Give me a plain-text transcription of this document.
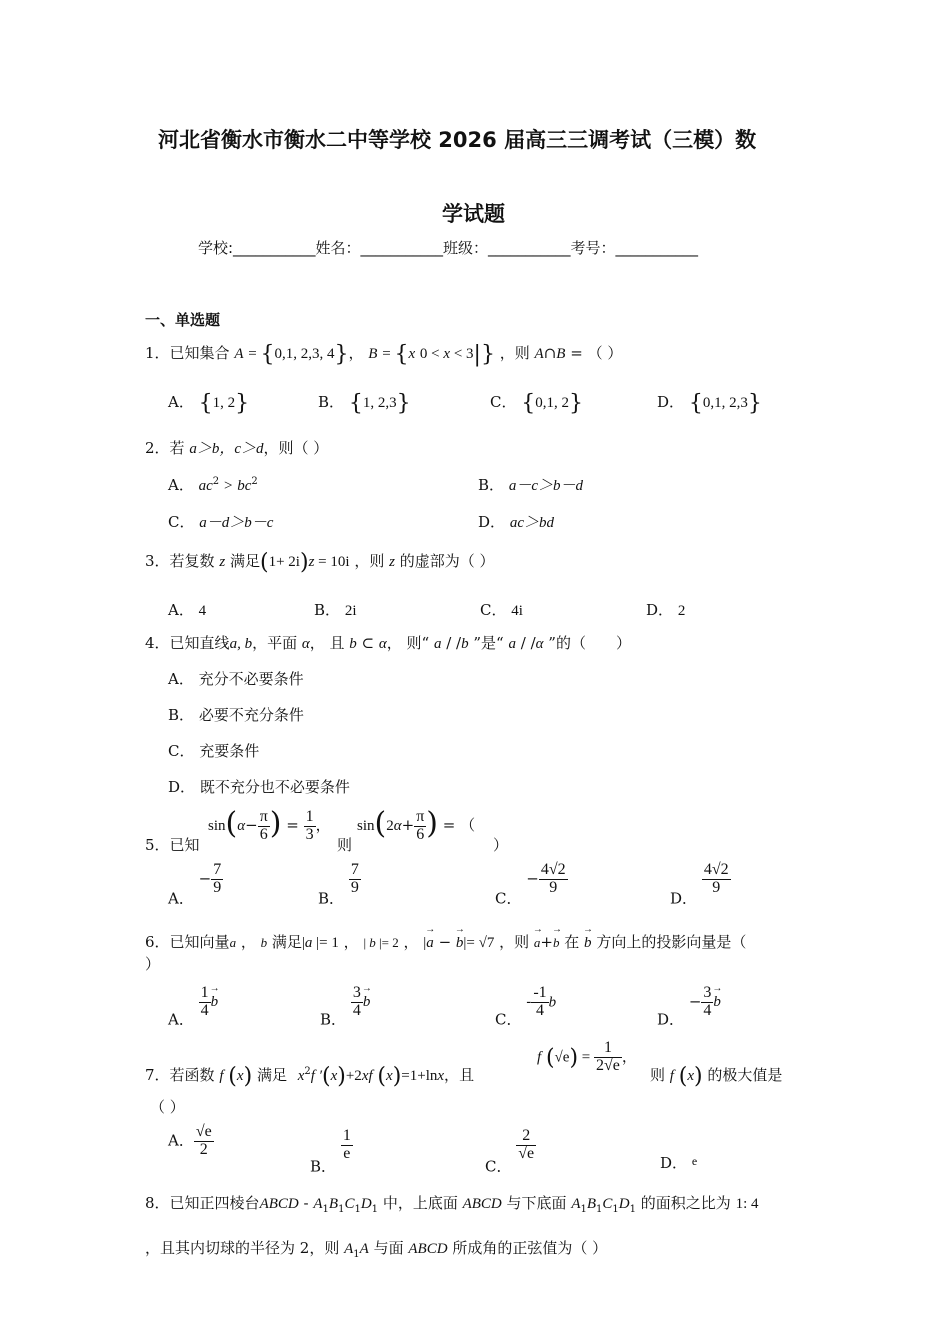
河北省衡水市衡水二中等学校 2026 届高三三调考试（三模）数
学试题
学校:___________姓名：___________班级：___________考号：___________
一、单选题
1．已知集合 A = {0,1, 2,3, 4}， B = {x 0 < x < 3|} ，则 A∩B = （ ）
A． {1, 2}	B． {1, 2,3}	C． {0,1, 2}	D． {0,1, 2,3}
2．若 a＞b，c＞d，则（ ）
A． $ac^2 > bc^2$	B． a－c＞b－d
C． a－d＞b－c	D． ac＞bd
3．若复数 z 满足(1+ 2i)z = 10i ，则 z 的虚部为（ ）
A． 4	B． 2i	C． 4i	D． 2
4．已知直线a, b，平面 α， 且 b ⊂ α， 则“ a / /b ”是“ a / /α ”的（　　）
A． 充分不必要条件
B． 必要不充分条件
C． 充要条件
D． 既不充分也不必要条件
5．已知
$\sin(\alpha- \frac{\pi}{6}$ ) = $\frac{1}{3}$ ，
则
$\sin(2\alpha+ \frac{\pi}{6}$ ) = （
）
A． − $\frac{7}{9}$
B．
$\frac{7}{9}$
C． − $\frac{4√2}{9}$
D．
$\frac{4√2}{9}$
6．已知向量a ， b 满足|a |= 1 ， | b |= 2 ， |→ a − → b|= √7 ，则 → a+→ b 在 → b 方向上的投影向量是（
）
A． $\frac{1}{4}$
→ b
B． $\frac{3}{4}$
→ b
C． - $\frac{-1}{4}$ b
D． − $\frac{3}{4}$
→ b
7．若函数 f (x) 满足 $x^2f$ ′(x)+2xf (x)=1+lnx，且
f $(√e) = \frac{1}{2√e}$ ，
则 f (x) 的极大值是
（ ）
A． $\frac{√e}{2}$
B．
$\frac{1}{e}$
C．
$\frac{2}{√e}$
D． $^e$
8．已知正四棱台ABCD - $A_1B_1C_1D_1$ 中，上底面 ABCD 与下底面 $A_1B_1C_1D_1$ 的面积之比为 1: 4
，且其内切球的半径为 2，则 $A_1A$ 与面 ABCD 所成角的正弦值为（ ）
